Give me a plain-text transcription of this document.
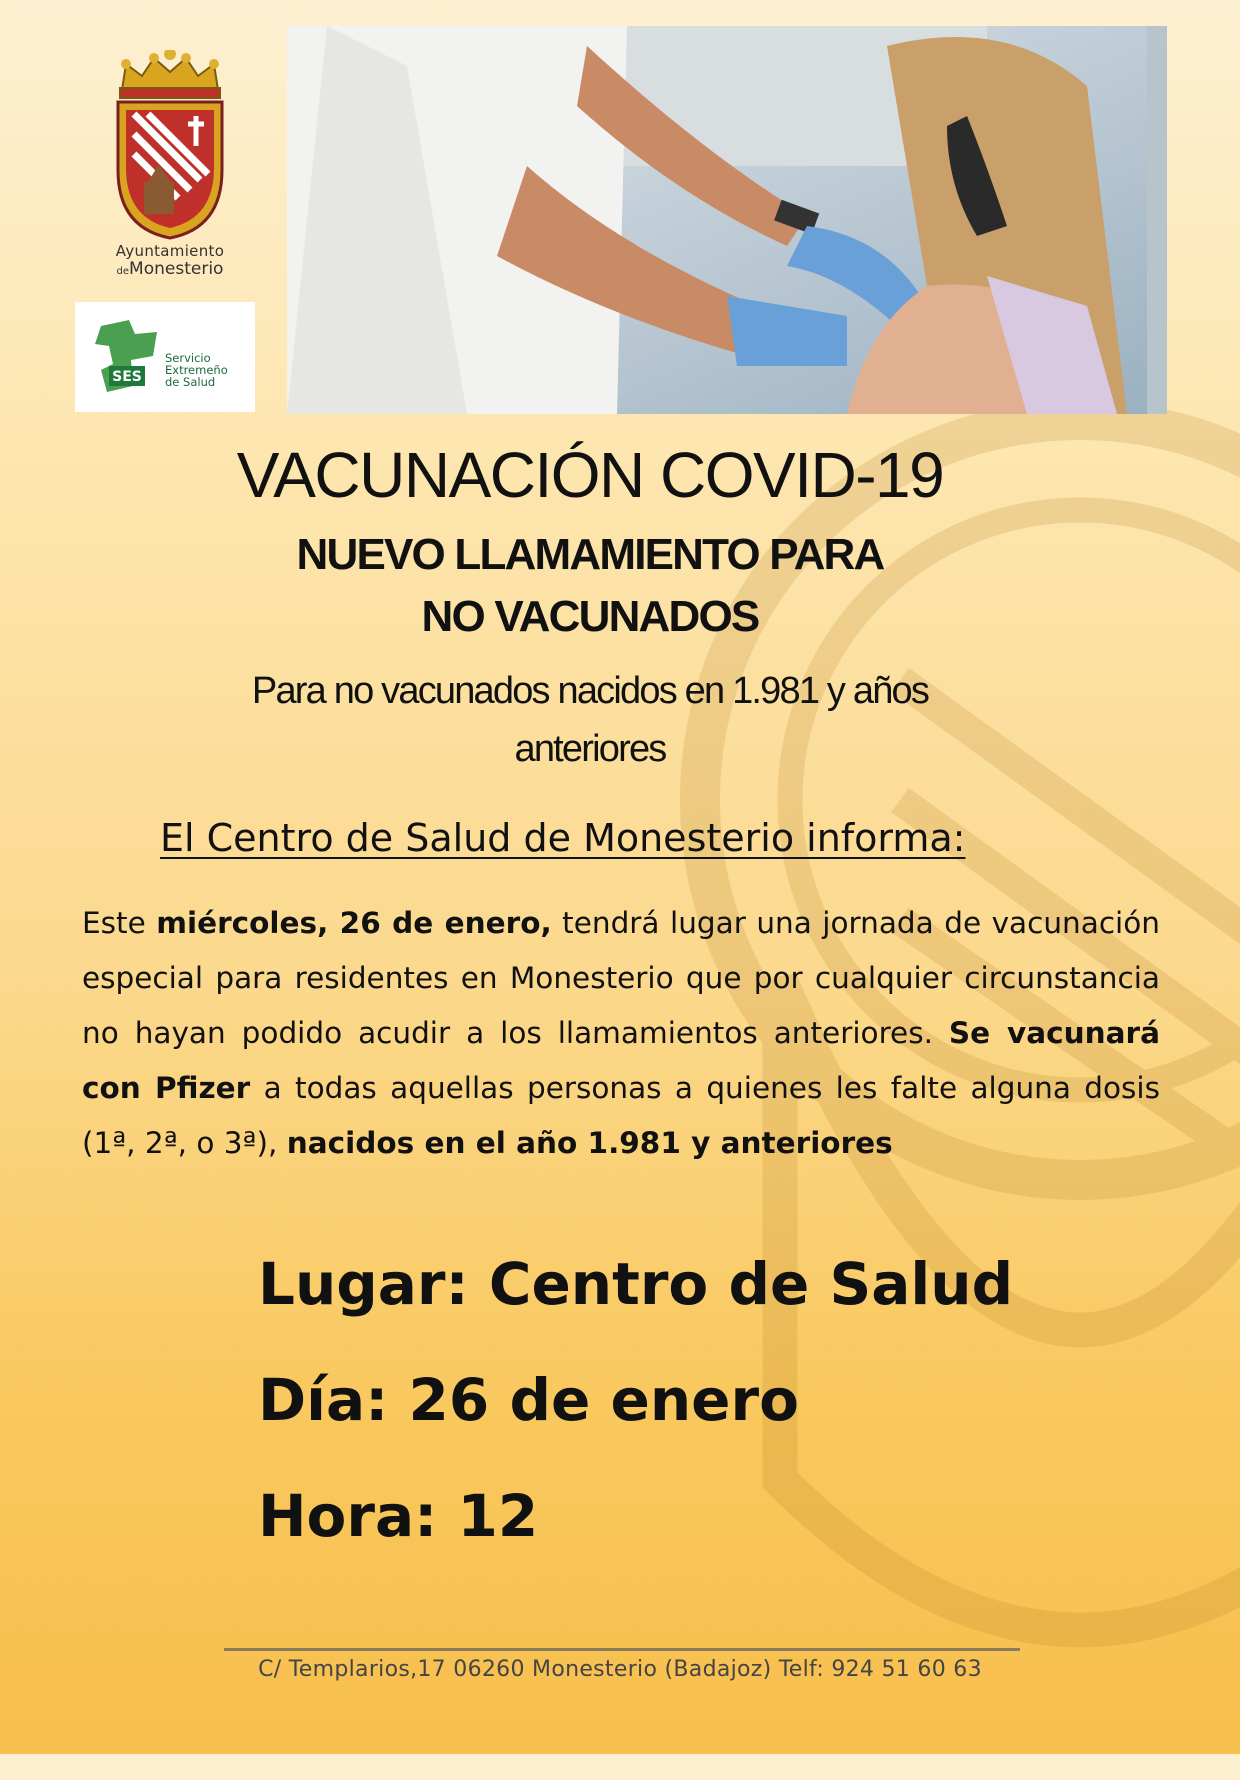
Ayuntamiento
deMonesterio
SES
Servicio
Extremeño
de Salud
VACUNACIÓN COVID-19
NUEVO LLAMAMIENTO PARA
NO VACUNADOS
Para no vacunados nacidos en 1.981 y años
anteriores
El Centro de Salud de Monesterio informa:
Este miércoles, 26 de enero, tendrá lugar una jornada de vacunación especial para residentes en Monesterio que por cualquier circunstancia no hayan podido acudir a los llamamientos anteriores. Se vacunará con Pfizer a todas aquellas personas a quienes les falte alguna dosis (1ª, 2ª, o 3ª), nacidos en el año 1.981 y anteriores
Lugar: Centro de Salud
Día: 26 de enero
Hora: 12
C/ Templarios,17 06260 Monesterio (Badajoz) Telf: 924 51 60 63
